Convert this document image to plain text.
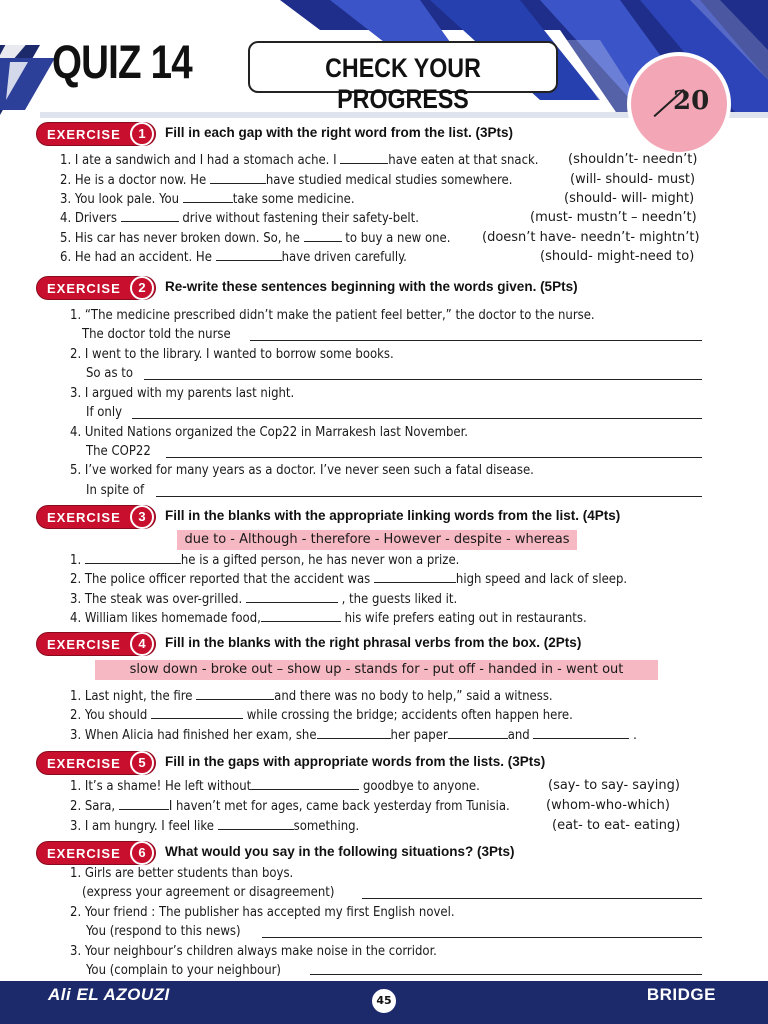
QUIZ 14	CHECK YOUR PROGRESS	20
EXERCISE	1	Fill in each gap with the right word from the list. (3Pts)
1. I ate a sandwich and I had a stomach ache. I	have eaten at that snack. (shouldn’t- needn’t)
2. He is a doctor now. He	have studied medical studies somewhere.	(will- should- must)
3. You look pale. You	take some medicine.	(should- will- might)
4. Drivers	drive without fastening their safety-belt.	(must- mustn’t – needn’t)
5. His car has never broken down. So, he	to buy a new one. (doesn’t have- needn’t- mightn’t)
6. He had an accident. He	have driven carefully.	(should- might-need to)
EXERCISE	2	Re-write these sentences beginning with the words given. (5Pts)
1. “The medicine prescribed didn’t make the patient feel better,” the doctor to the nurse.
The doctor told the nurse
2. I went to the library. I wanted to borrow some books.
So as to
3. I argued with my parents last night.
If only
4. United Nations organized the Cop22 in Marrakesh last November.
The COP22
5. I’ve worked for many years as a doctor. I’ve never seen such a fatal disease.
In spite of
EXERCISE	3	Fill in the blanks with the appropriate linking words from the list. (4Pts)
due to - Although - therefore - However - despite - whereas
1.	he is a gifted person, he has never won a prize.
2. The police officer reported that the accident was	high speed and lack of sleep.
3. The steak was over-grilled.	, the guests liked it.
4. William likes homemade food,	his wife prefers eating out in restaurants.
EXERCISE	4	Fill in the blanks with the right phrasal verbs from the box. (2Pts)
slow down - broke out – show up - stands for - put off - handed in - went out
1. Last night, the fire	and there was no body to help,” said a witness.
2. You should	while crossing the bridge; accidents often happen here.
3. When Alicia had finished her exam, she	her paper	and	.
EXERCISE	5	Fill in the gaps with appropriate words from the lists. (3Pts)
1. It’s a shame! He left without	goodbye to anyone.	(say- to say- saying)
2. Sara,	I haven’t met for ages, came back yesterday from Tunisia.	(whom-who-which)
3. I am hungry. I feel like	something.	(eat- to eat- eating)
EXERCISE	6	What would you say in the following situations? (3Pts)
1. Girls are better students than boys.
(express your agreement or disagreement)
2. Your friend : The publisher has accepted my first English novel.
You (respond to this news)
3. Your neighbour’s children always make noise in the corridor.
You (complain to your neighbour)
Ali EL AZOUZI	45	BRIDGE
